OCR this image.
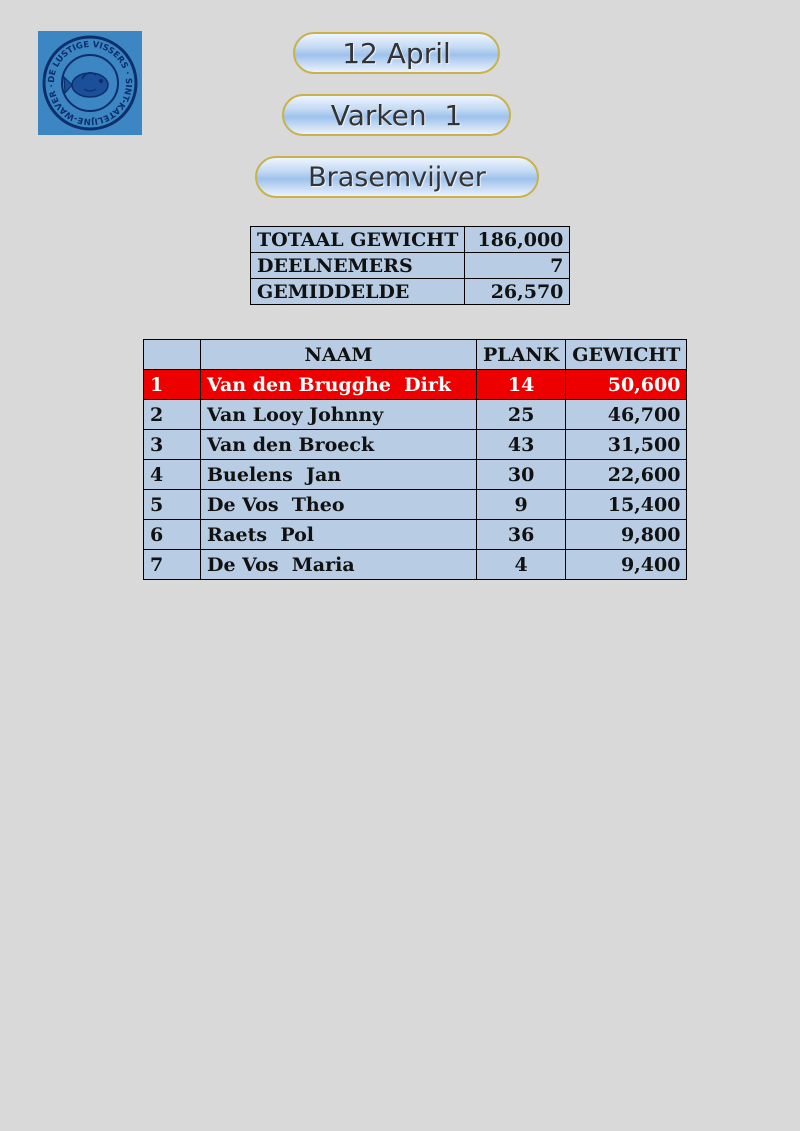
DE LUSTIGE VISSERS · SINT-KATELIJNE-WAVER ·
12 April
Varken  1
Brasemvijver
TOTAAL GEWICHT	186,000
DEELNEMERS	7
GEMIDDELDE	26,570
	NAAM	PLANK	GEWICHT
1	Van den Brugghe  Dirk	14	50,600
2	Van Looy Johnny	25	46,700
3	Van den Broeck	43	31,500
4	Buelens  Jan	30	22,600
5	De Vos  Theo	9	15,400
6	Raets  Pol	36	9,800
7	De Vos  Maria	4	9,400
